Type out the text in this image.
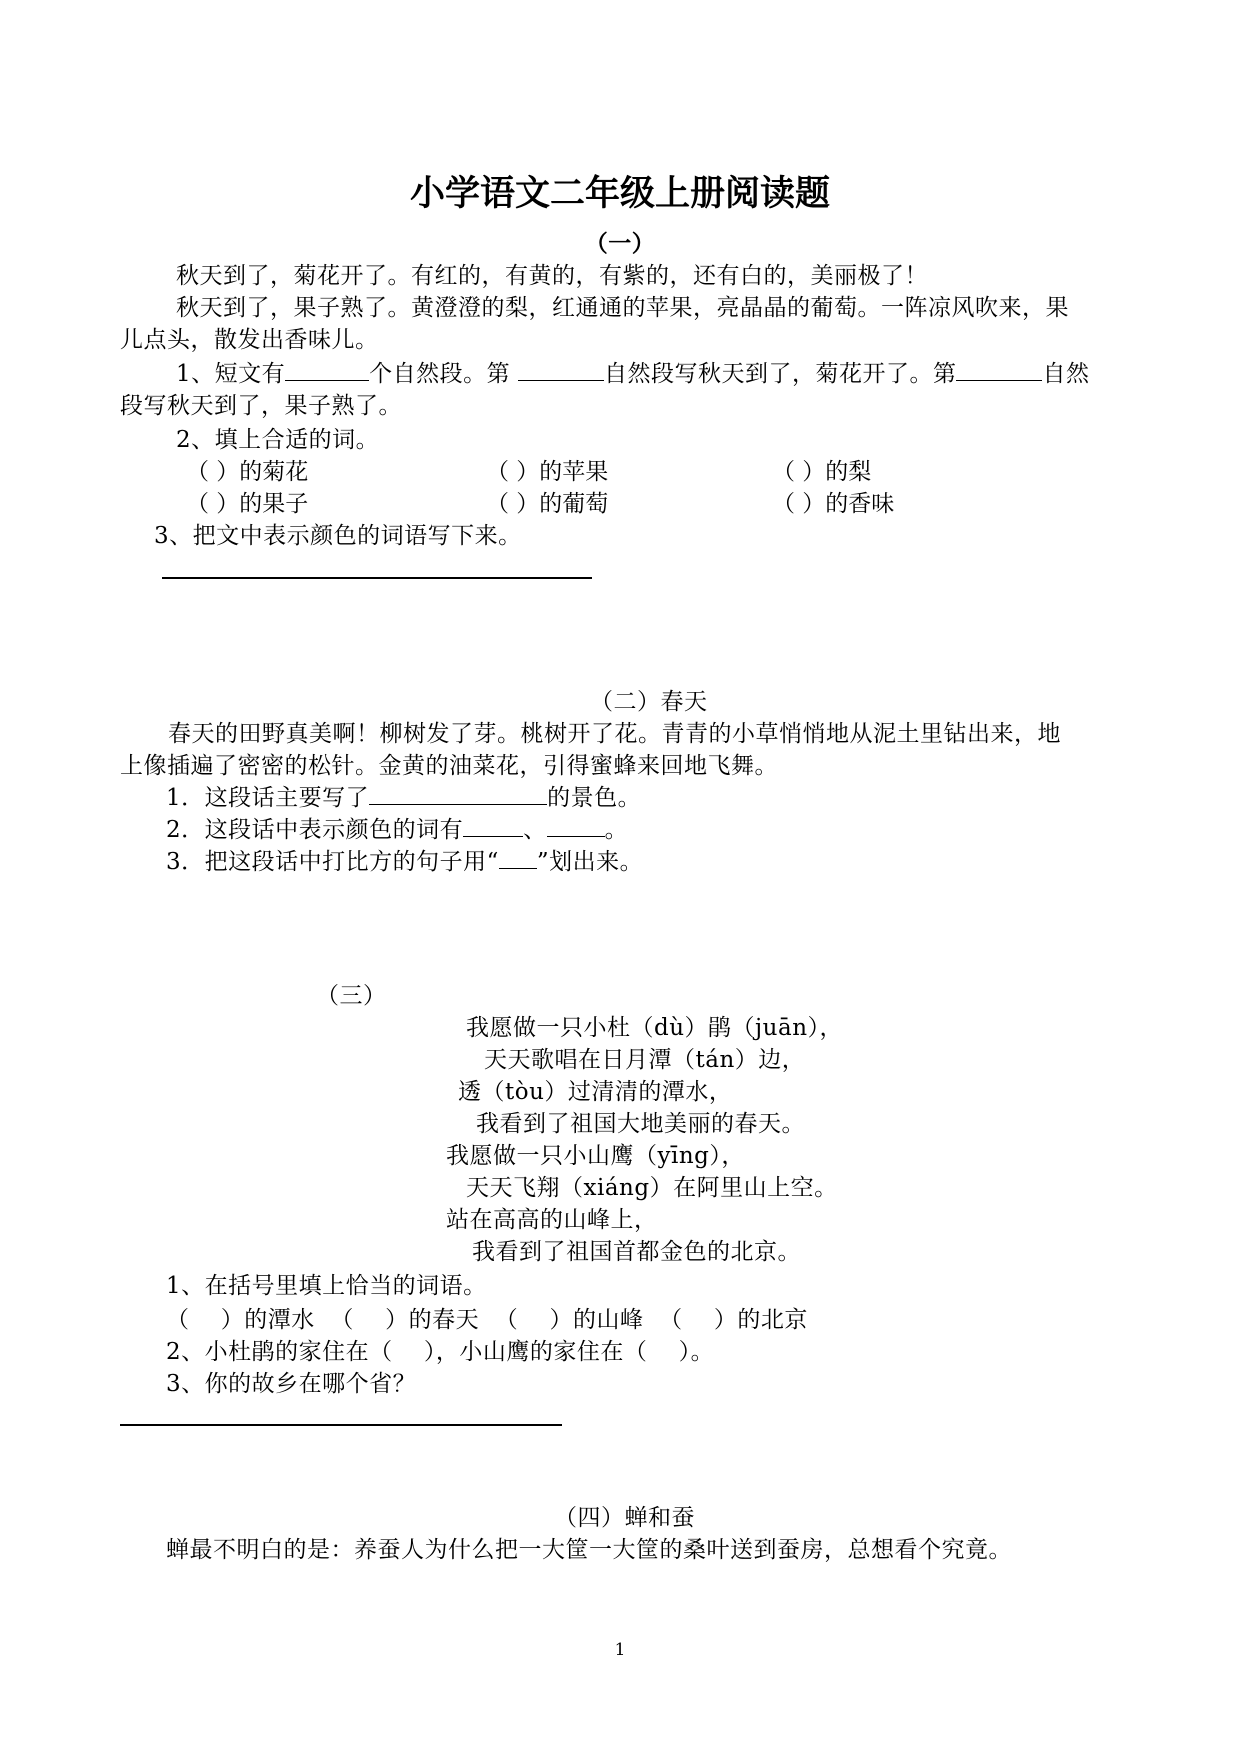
小学语文二年级上册阅读题
（一）
秋天到了，菊花开了。有红的，有黄的，有紫的，还有白的，美丽极了！
秋天到了，果子熟了。黄澄澄的梨，红通通的苹果，亮晶晶的葡萄。一阵凉风吹来，果
儿点头，散发出香味儿。
1、短文有	个自然段。第	自然段写秋天到了，菊花开了。第	自然
段写秋天到了，果子熟了。
2、填上合适的词。
（ ）的菊花	（ ）的苹果	（ ）的梨
（ ）的果子	（ ）的葡萄	（ ）的香味
3、把文中表示颜色的词语写下来。
（二）春天
春天的田野真美啊！柳树发了芽。桃树开了花。青青的小草悄悄地从泥土里钻出来，地
上像插遍了密密的松针。金黄的油菜花，引得蜜蜂来回地飞舞。
1．这段话主要写了	的景色。
2．这段话中表示颜色的词有	、	。
3．把这段话中打比方的句子用“ ”划出来。
（三）
我愿做一只小杜（dù）鹃（juān），
天天歌唱在日月潭（tán）边，
透（tòu）过清清的潭水，
我看到了祖国大地美丽的春天。
我愿做一只小山鹰（yīng），
天天飞翔（xiáng）在阿里山上空。
站在高高的山峰上，
我看到了祖国首都金色的北京。
1、在括号里填上恰当的词语。
（    ）的潭水  （    ）的春天  （    ）的山峰  （    ）的北京
2、小杜鹃的家住在（    ），小山鹰的家住在（    ）。
3、你的故乡在哪个省？
（四）蝉和蚕
蝉最不明白的是：养蚕人为什么把一大筐一大筐的桑叶送到蚕房，总想看个究竟。
1
